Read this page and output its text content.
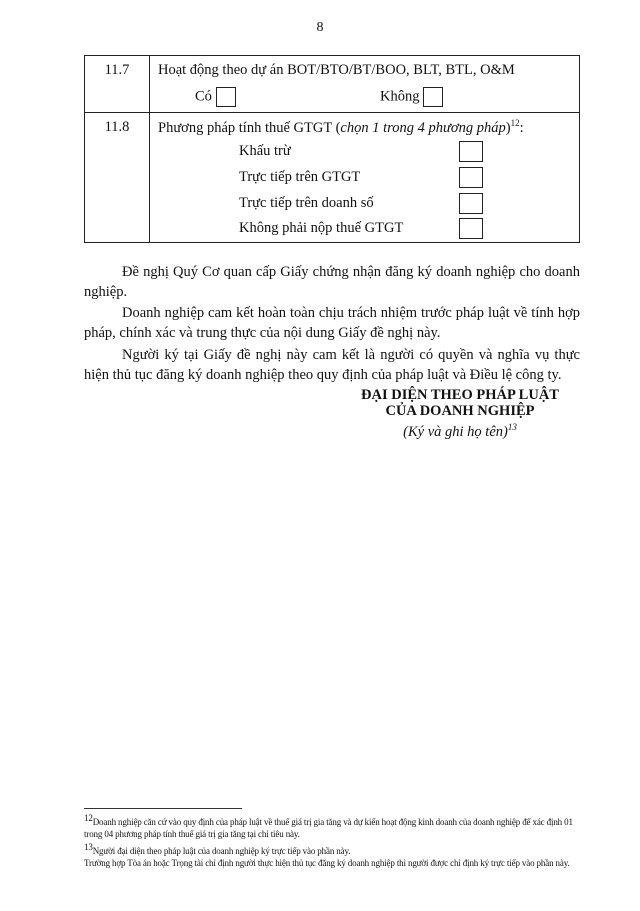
8
11.7	Hoạt động theo dự án BOT/BTO/BT/BOO, BLT, BTL, O&M
Có Không

11.8	Phương pháp tính thuế GTGT (chọn 1 trong 4 phương pháp)$^{12}$:
Khấu trừ
Trực tiếp trên GTGT
Trực tiếp trên doanh số
Không phải nộp thuế GTGT
Đề nghị Quý Cơ quan cấp Giấy chứng nhận đăng ký doanh nghiệp cho doanh nghiệp.
Doanh nghiệp cam kết hoàn toàn chịu trách nhiệm trước pháp luật về tính hợp pháp, chính xác và trung thực của nội dung Giấy đề nghị này.
Người ký tại Giấy đề nghị này cam kết là người có quyền và nghĩa vụ thực hiện thủ tục đăng ký doanh nghiệp theo quy định của pháp luật và Điều lệ công ty.
ĐẠI DIỆN THEO PHÁP LUẬT
CỦA DOANH NGHIỆP
(Ký và ghi họ tên)$^{13}$
$^{12}$Doanh nghiệp căn cứ vào quy định của pháp luật về thuế giá trị gia tăng và dự kiến hoạt động kinh doanh của doanh nghiệp để xác định 01 trong 04 phương pháp tính thuế giá trị gia tăng tại chỉ tiêu này.
$^{13}$Người đại diện theo pháp luật của doanh nghiệp ký trực tiếp vào phần này.
Trường hợp Tòa án hoặc Trọng tài chỉ định người thực hiện thủ tục đăng ký doanh nghiệp thì người được chỉ định ký trực tiếp vào phần này.
